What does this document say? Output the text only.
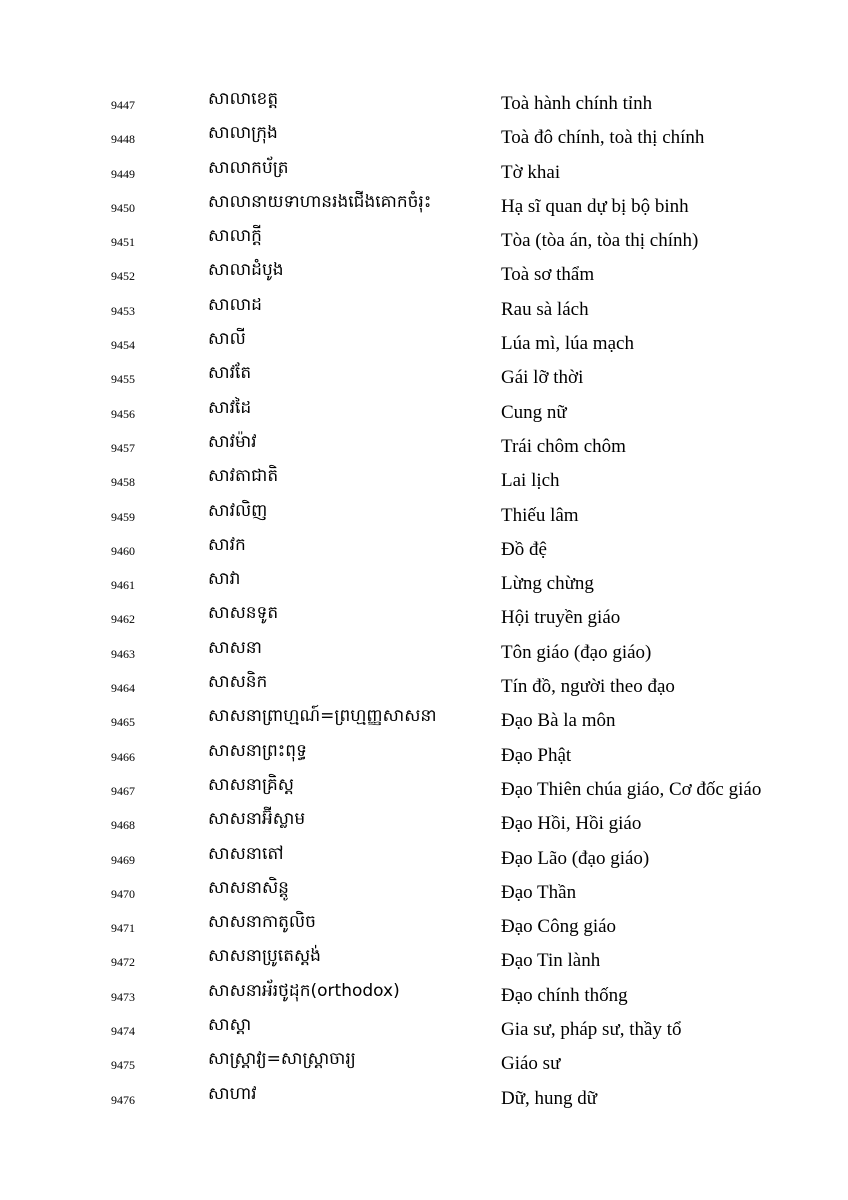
9447	សាលាខេត្ត	Toà hành chính tỉnh
9448	សាលាក្រុង	Toà đô chính, toà thị chính
9449	សាលាកប័ត្រ	Tờ khai
9450	សាលានាយទាហានរងជើងគោកចំរុះ	Hạ sĩ quan dự bị bộ binh
9451	សាលាក្តី	Tòa (tòa án, tòa thị chính)
9452	សាលាដំបូង	Toà sơ thẩm
9453	សាលាដ	Rau sà lách
9454	សាលី	Lúa mì, lúa mạch
9455	សាវតែ	Gái lỡ thời
9456	សាវដៃ	Cung nữ
9457	សាវម៉ាវ	Trái chôm chôm
9458	សាវតាជាតិ	Lai lịch
9459	សាវលិញ	Thiếu lâm
9460	សាវក	Đồ đệ
9461	សាវា	Lừng chừng
9462	សាសនទូត	Hội truyền giáo
9463	សាសនា	Tôn giáo (đạo giáo)
9464	សាសនិក	Tín đồ, người theo đạo
9465	សាសនាព្រាហ្មណ៍=ព្រហ្មញ្ញសាសនា	Đạo Bà la môn
9466	សាសនាព្រះពុទ្ធ	Đạo Phật
9467	សាសនាគ្រិស្ត	Đạo Thiên chúa giáo, Cơ đốc giáo
9468	សាសនាអ៊ីស្លាម	Đạo Hồi, Hồi giáo
9469	សាសនាតៅ	Đạo Lão (đạo giáo)
9470	សាសនាសិន្តូ	Đạo Thần
9471	សាសនាកាតូលិច	Đạo Công giáo
9472	សាសនាប្រូតេស្តង់	Đạo Tin lành
9473	សាសនាអ័រថូដុក(orthodox)	Đạo chính thống
9474	សាស្តា	Gia sư, pháp sư, thầy tổ
9475	សាស្ត្រាវ្យ=សាស្ត្រាចារ្យ	Giáo sư
9476	សាហាវ	Dữ, hung dữ
